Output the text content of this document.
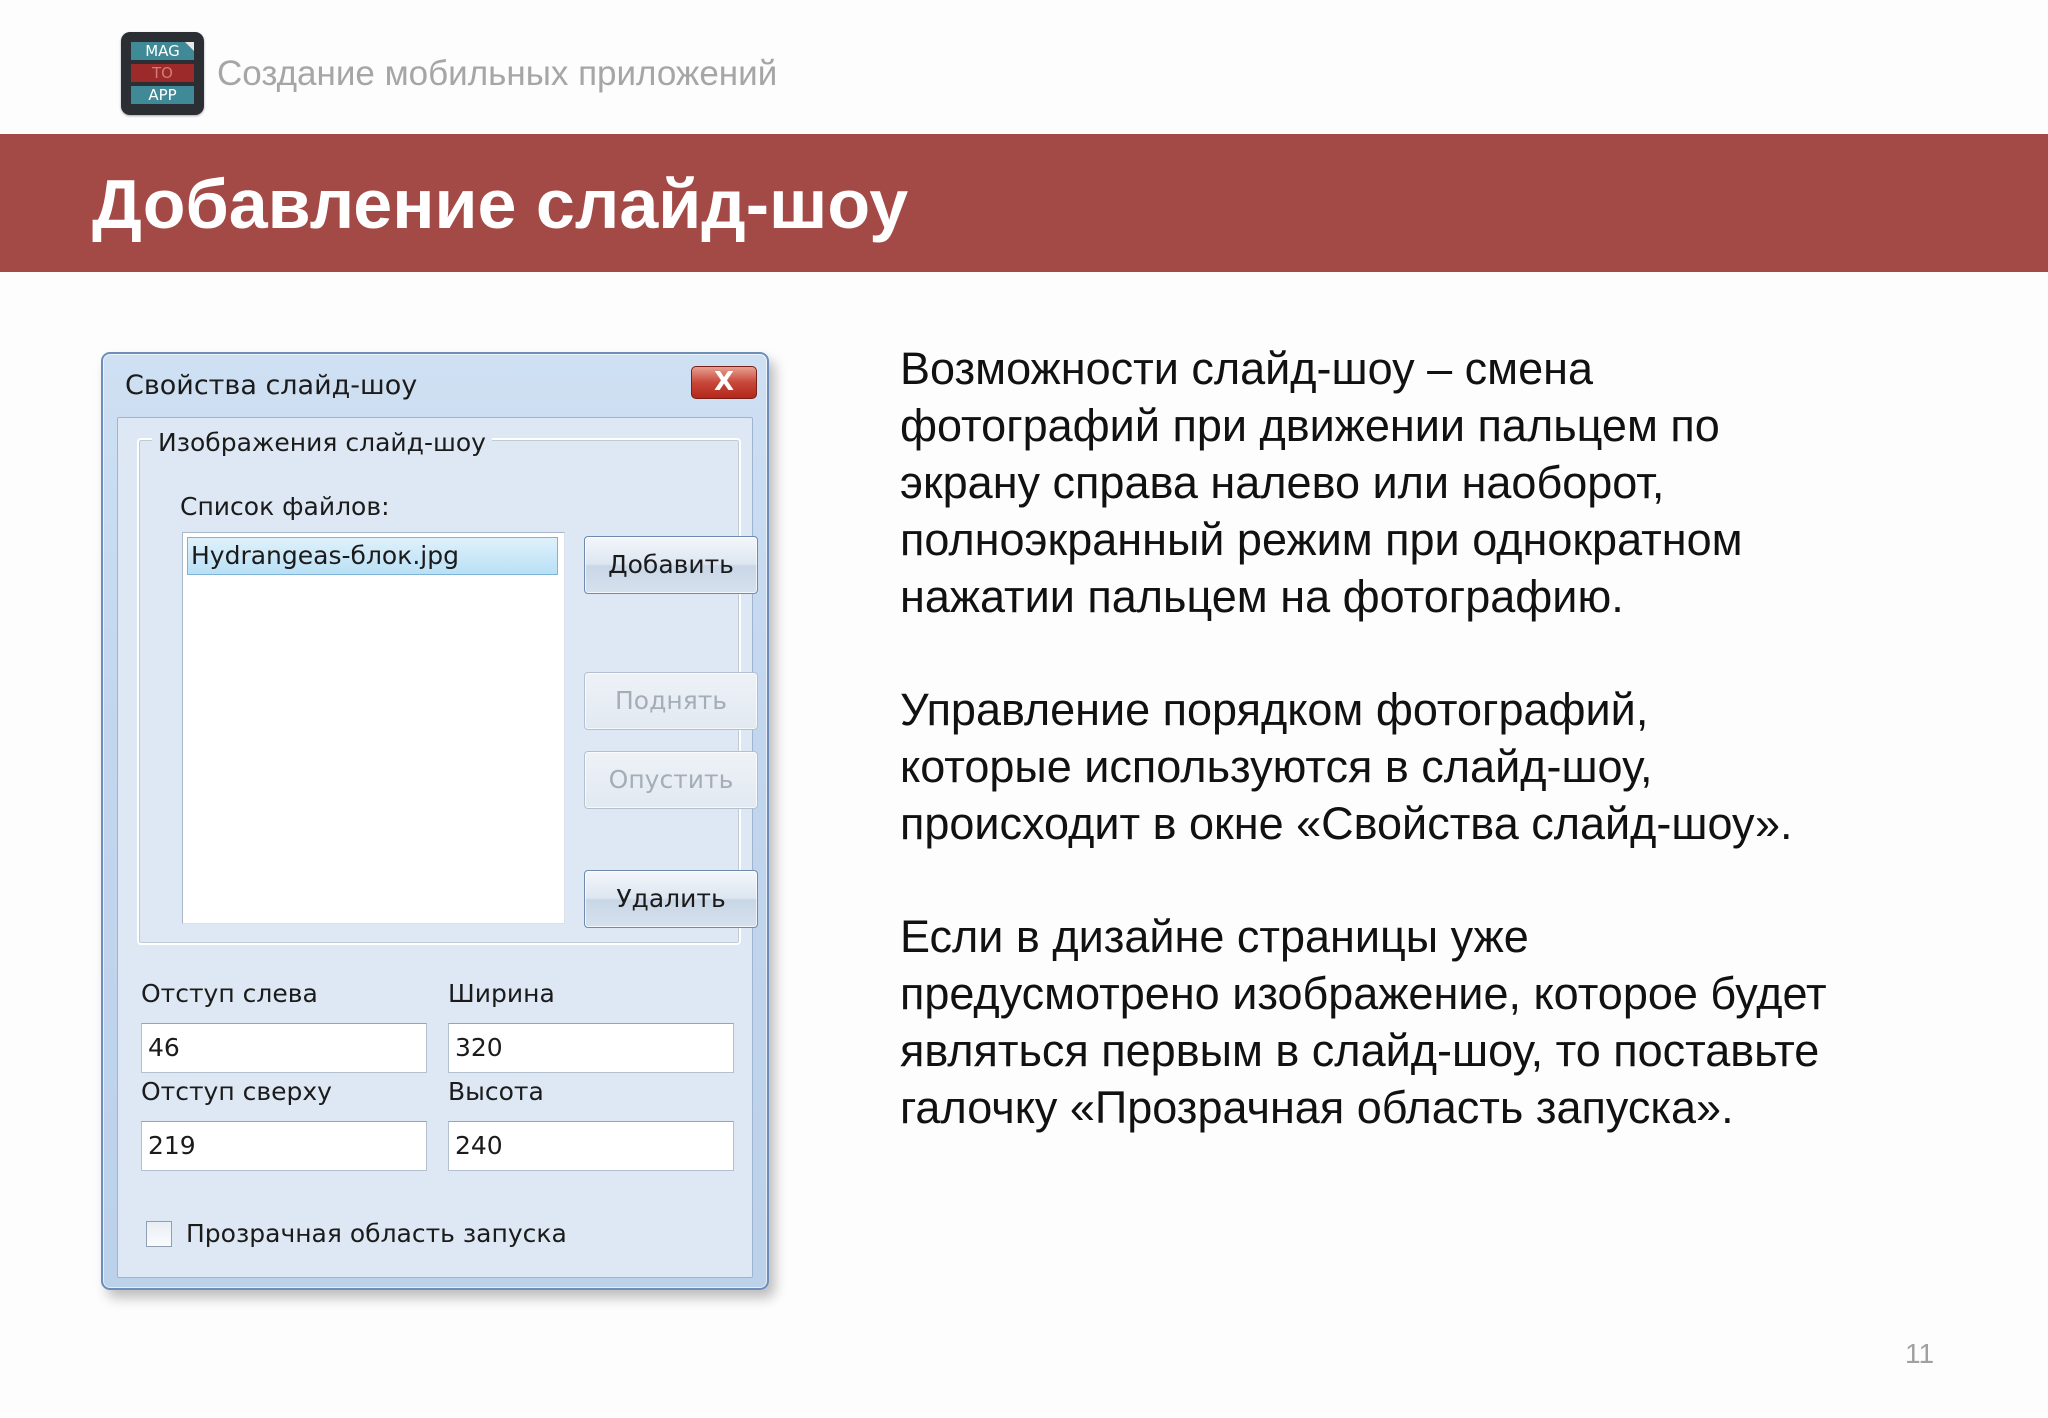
MAG
TO
APP
Создание мобильных приложений
Добавление слайд-шоу
Свойства слайд-шоу	X
Hydrangeas-блок.jpg	Добавить
Поднять
Опустить
Удалить
Список файлов:
Изображения слайд-шоу
Отступ слева
46
Ширина
320
Отступ сверху
219
Высота
240
Прозрачная область запуска

Возможности слайд-шоу – смена
фотографий при движении пальцем по
экрану справа налево или наоборот,
полноэкранный режим при однократном
нажатии пальцем на фотографию.

Управление порядком фотографий,
которые используются в слайд-шоу,
происходит в окне «Свойства слайд-шоу».

Если в дизайне страницы уже
предусмотрено изображение, которое будет
являться первым в слайд-шоу, то поставьте
галочку «Прозрачная область запуска».

11
